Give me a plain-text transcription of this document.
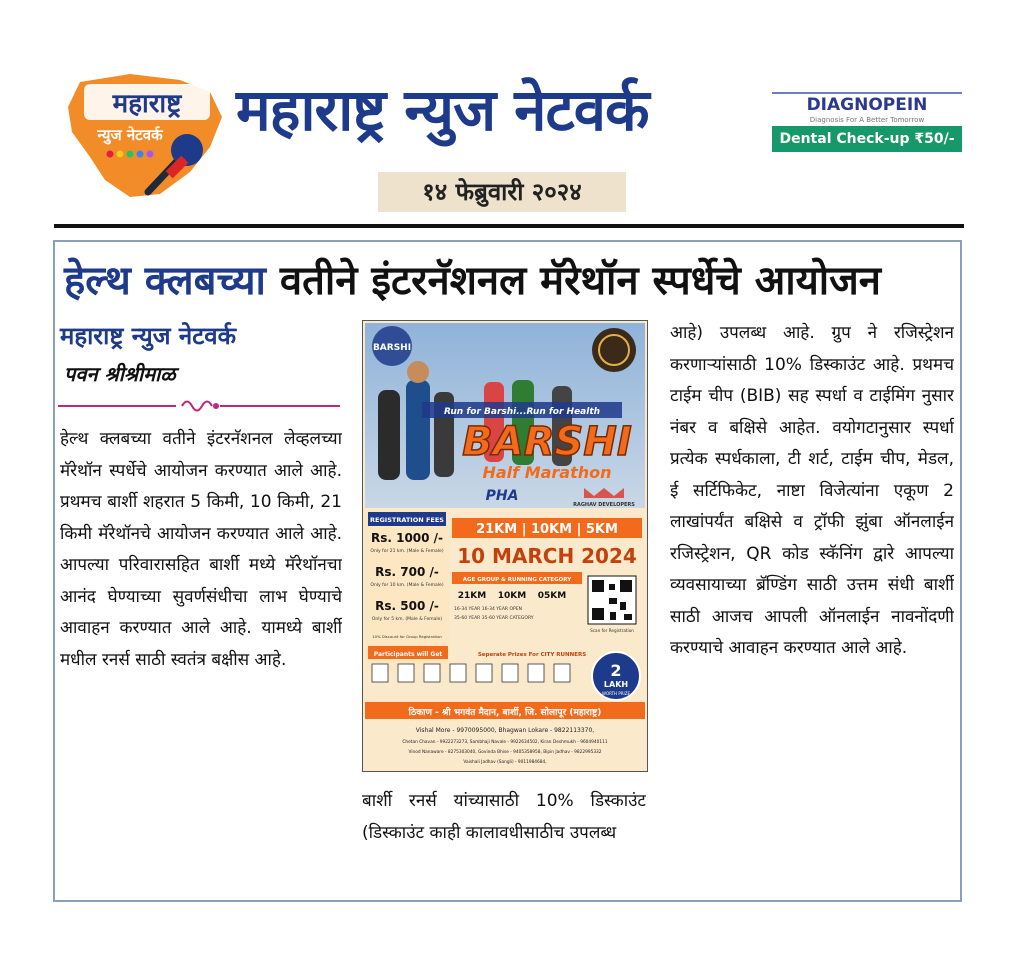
महाराष्ट्र
न्युज नेटवर्क
NEWS
महाराष्ट्र न्युज नेटवर्क
१४ फेब्रुवारी २०२४
DIAGNOPEIN
Diagnosis For A Better Tomorrow
Dental Check-up ₹50/-
हेल्थ क्लबच्या वतीने इंटरनॅशनल मॅरेथॉन स्पर्धेचे आयोजन
महाराष्ट्र न्युज नेटवर्क
पवन श्रीश्रीमाळ

हेल्थ क्लबच्या वतीने इंटरनॅशनल लेव्हलच्या मॅरेथॉन स्पर्धेचे आयोजन करण्यात आले आहे. प्रथमच बार्शी शहरात 5 किमी, 10 किमी, 21 किमी मॅरेथॉनचे आयोजन करण्यात आले आहे. आपल्या परिवारासहित बार्शी मध्ये मॅरेथॉनचा आनंद घेण्याच्या सुवर्णसंधीचा लाभ घेण्याचे आवाहन करण्यात आले आहे. यामध्ये बार्शी मधील रनर्स साठी स्वतंत्र बक्षीस आहे.

बार्शी रनर्स यांच्यासाठी 10% डिस्काउंट (डिस्काउंट काही कालावधीसाठीच उपलब्ध

आहे) उपलब्ध आहे. ग्रुप ने रजिस्ट्रेशन करणाऱ्यांसाठी 10% डिस्काउंट आहे. प्रथमच टाईम चीप (BIB) सह स्पर्धा व टाईमिंग नुसार नंबर व बक्षिसे आहेत. वयोगटानुसार स्पर्धा प्रत्येक स्पर्धकाला, टी शर्ट, टाईम चीप, मेडल, ई सर्टिफिकेट, नाष्टा विजेत्यांना एकूण 2 लाखांपर्यंत बक्षिसे व ट्रॉफी झुंबा ऑनलाईन रजिस्ट्रेशन, QR कोड स्कॅनिंग द्वारे आपल्या व्यवसायाच्या ब्रॅण्डिंग साठी उत्तम संधी बार्शी साठी आजच आपली ऑनलाईन नावनोंदणी करण्याचे आवाहन करण्यात आले आहे.

BARSHI
Run for Barshi...Run for Health
BARSHI
Half Marathon
PHA
RAGHAV DEVELOPERS
REGISTRATION FEES
Rs. 1000 /-
Only for 21 km. (Male & Female)
Rs. 700 /-
Only for 10 km. (Male & Female)
Rs. 500 /-
Only for 5 km. (Male & Female)
10% Discount for Group Registration
21KM | 10KM | 5KM
10 MARCH 2024
AGE GROUP & RUNNING CATEGORY
21KM 10KM 05KM
16-34 YEAR 16-34 YEAR OPEN
35-60 YEAR 35-60 YEAR CATEGORY
Scan for Registration
Participants will Get	Seperate Prizes For CITY RUNNERS
2
LAKH
WORTH PRIZE
ठिकाण - श्री भगवंत मैदान, बार्शी, जि. सोलापूर (महाराष्ट्र)
Vishal More - 9970095000, Bhagwan Lokare - 9822113370,
Chetan Chavan - 9922273273, Sambhaji Navale - 9922634502, Kiran Deshmukh - 9604940111
Vinod Nanaware - 8275303040, Govinda Bhise - 9405358958, Bipin Jadhav - 9822995332
Vaishali Jadhav (Sangli) - 9011984684,
